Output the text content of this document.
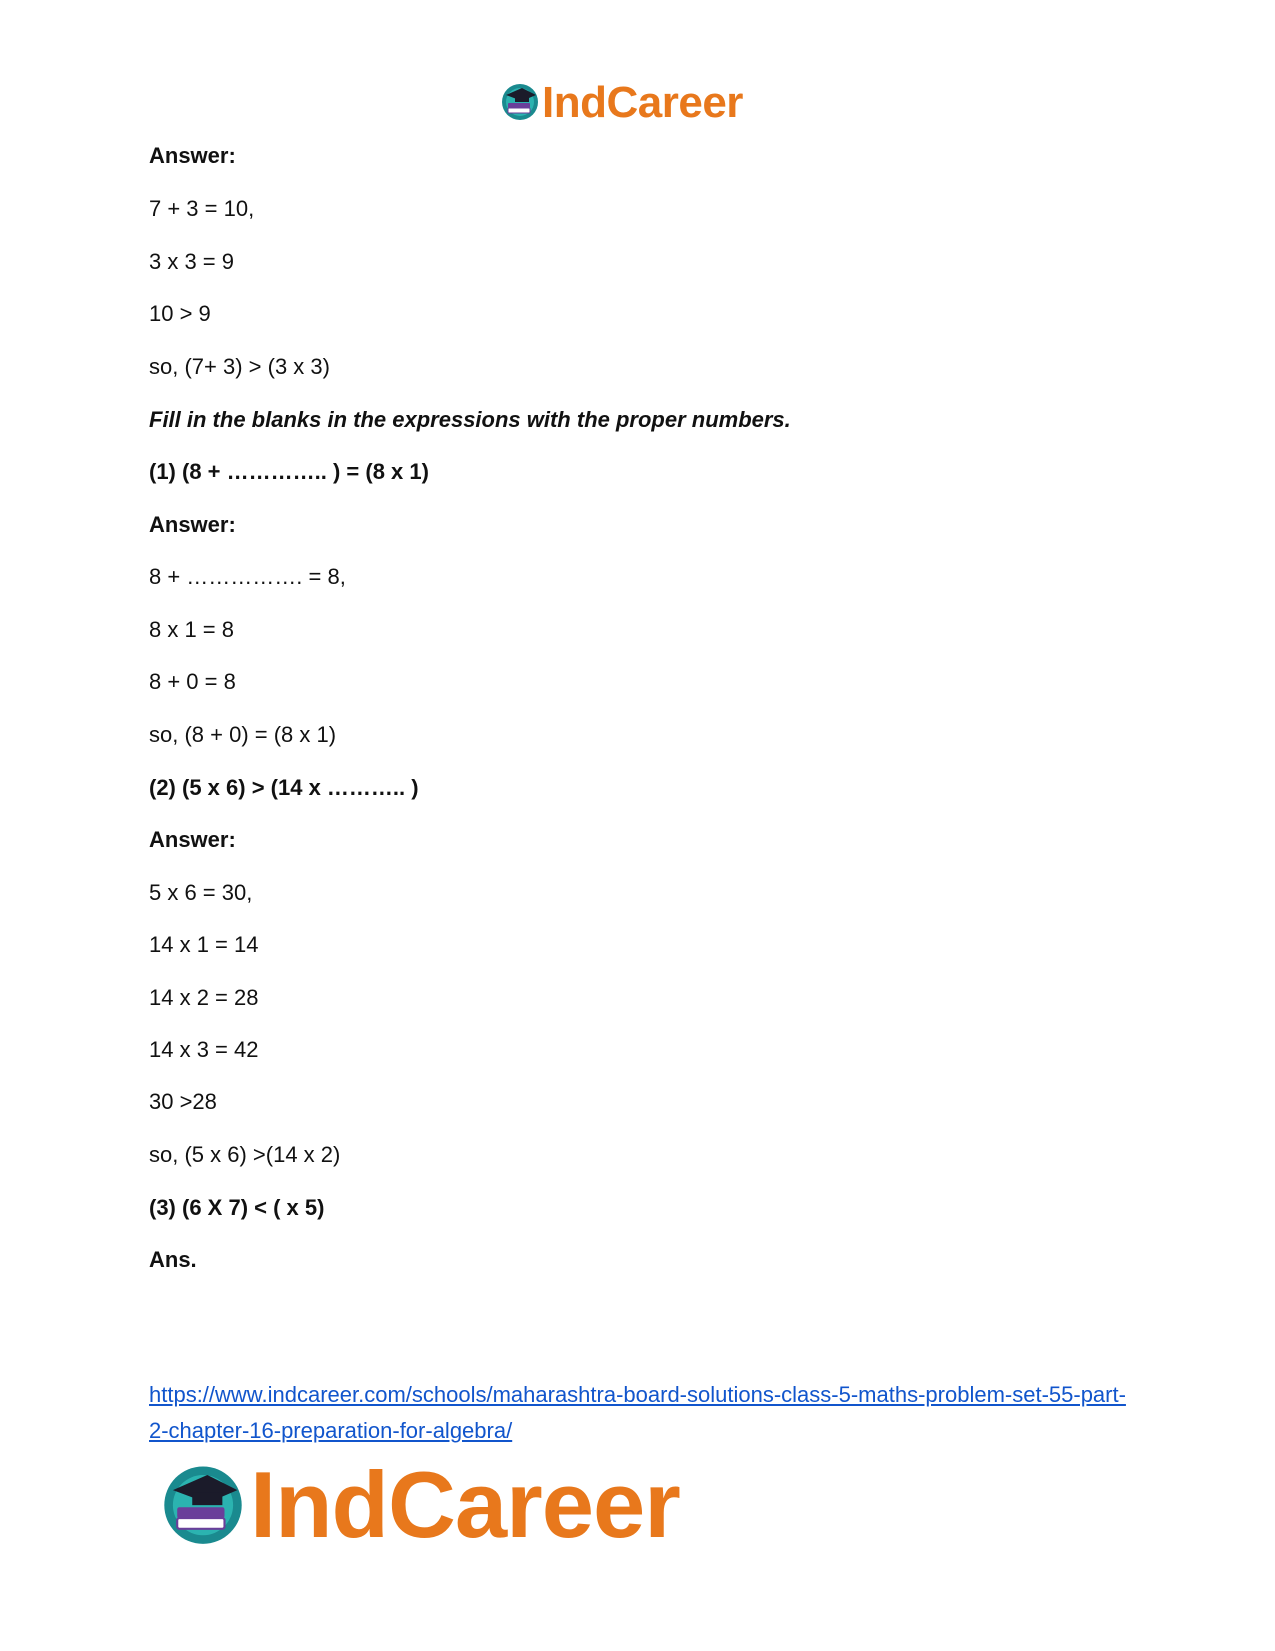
IndCareer
Answer:
7 + 3 = 10,
3 x 3 = 9
10 > 9
so, (7+ 3) > (3 x 3)
Fill in the blanks in the expressions with the proper numbers.
(1) (8 + ………….. ) = (8 x 1)
Answer:
8 + ……………. = 8,
8 x 1 = 8
8 + 0 = 8
so, (8 + 0) = (8 x 1)
(2) (5 x 6) > (14 x ……….. )
Answer:
5 x 6 = 30,
14 x 1 = 14
14 x 2 = 28
14 x 3 = 42
30 >28
so, (5 x 6) >(14 x 2)
(3) (6 X 7) < ( x 5)
Ans.
https://www.indcareer.com/schools/maharashtra-board-solutions-class-5-maths-problem-set-55-part-2-chapter-16-preparation-for-algebra/
IndCareer
